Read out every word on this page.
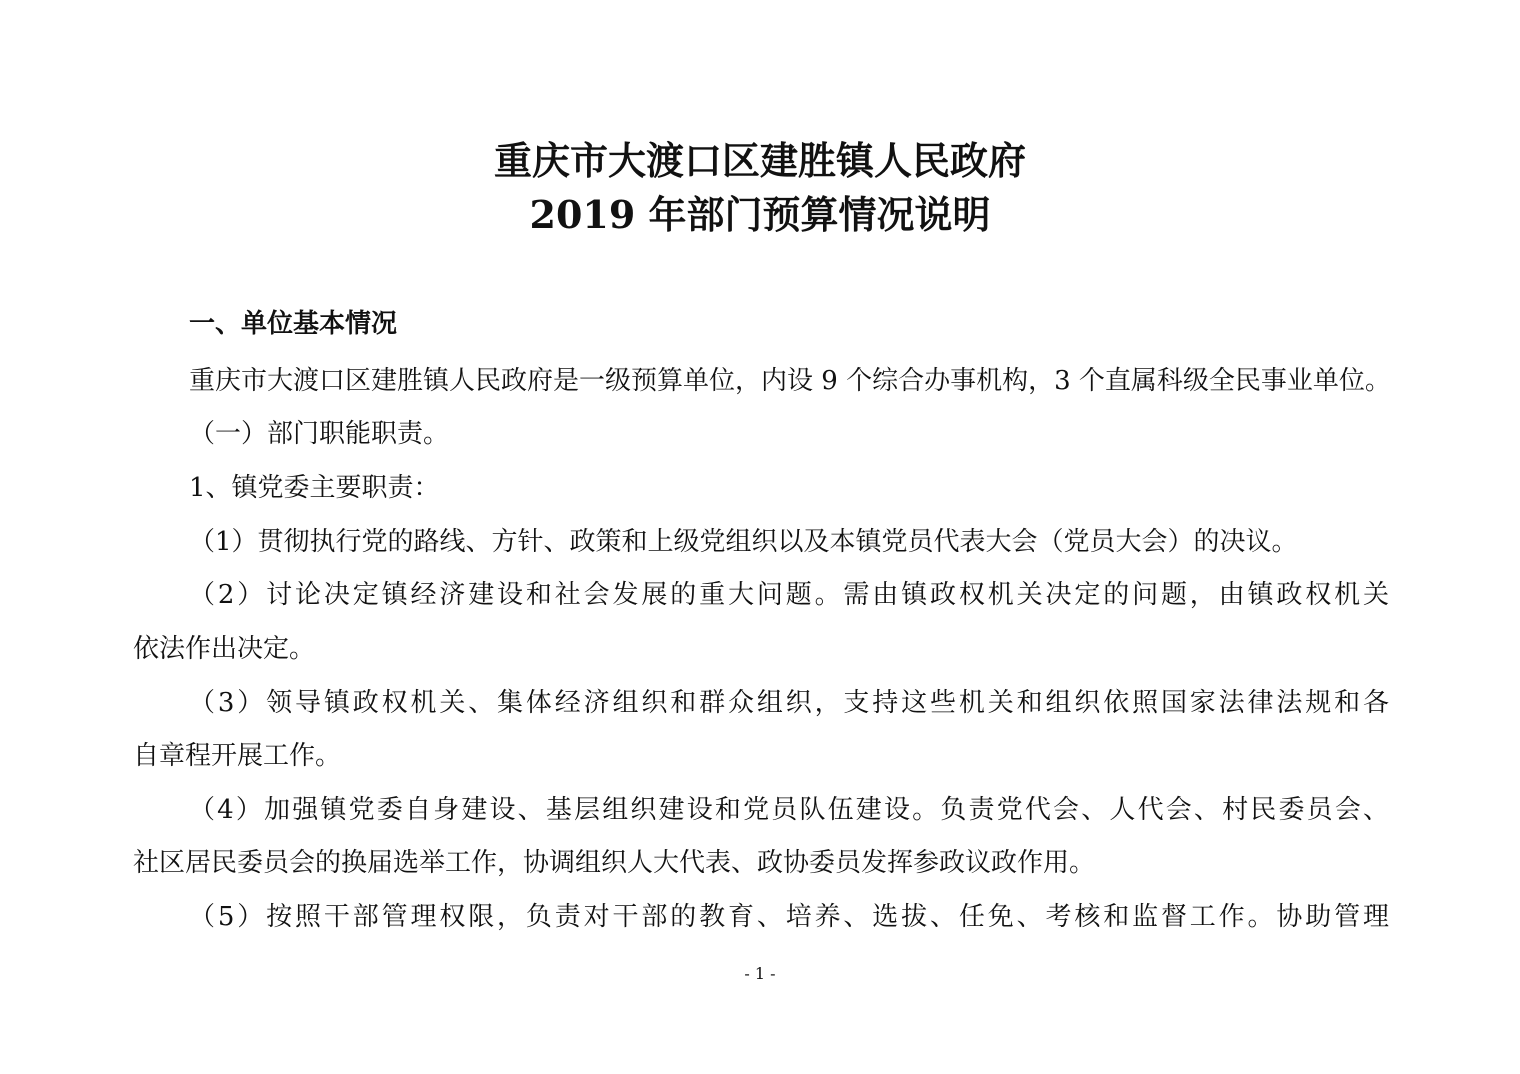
重庆市大渡口区建胜镇人民政府
2019 年部门预算情况说明
一、单位基本情况
重庆市大渡口区建胜镇人民政府是一级预算单位，内设 9 个综合办事机构，3 个直属科级全民事业单位。
（一）部门职能职责。
1、镇党委主要职责：
（1）贯彻执行党的路线、方针、政策和上级党组织以及本镇党员代表大会（党员大会）的决议。
（2）讨论决定镇经济建设和社会发展的重大问题。需由镇政权机关决定的问题，由镇政权机关
依法作出决定。
（3）领导镇政权机关、集体经济组织和群众组织，支持这些机关和组织依照国家法律法规和各
自章程开展工作。
（4）加强镇党委自身建设、基层组织建设和党员队伍建设。负责党代会、人代会、村民委员会、
社区居民委员会的换届选举工作，协调组织人大代表、政协委员发挥参政议政作用。
（5）按照干部管理权限，负责对干部的教育、培养、选拔、任免、考核和监督工作。协助管理
- 1 -
